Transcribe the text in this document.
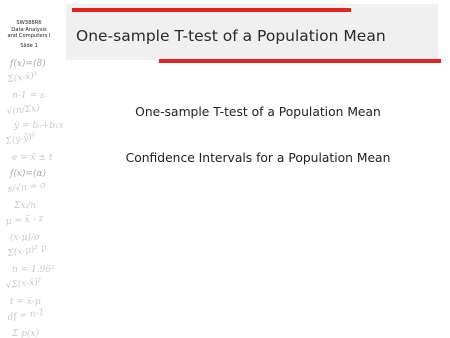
f(x)=(8)
Σ(x-x̄)²
n-1 = s
√(n/Σx)
ȳ = b₀+b₁x
Σ(y-ŷ)²
e = x̄ ± t
f(x)=(α)
s/√n = σ
Σxᵢ/n
μ = x̄ - z
(x-μ)/σ
Σ(x-μ)² p
n = 1.96²
√Σ(x-x̄)²
t = x̄-μ
df = n-1
Σ p(x)
SW388R6
Data Analysis
and Computers I
Slide 1
One-sample T-test of a Population Mean
One-sample T-test of a Population Mean
Confidence Intervals for a Population Mean
